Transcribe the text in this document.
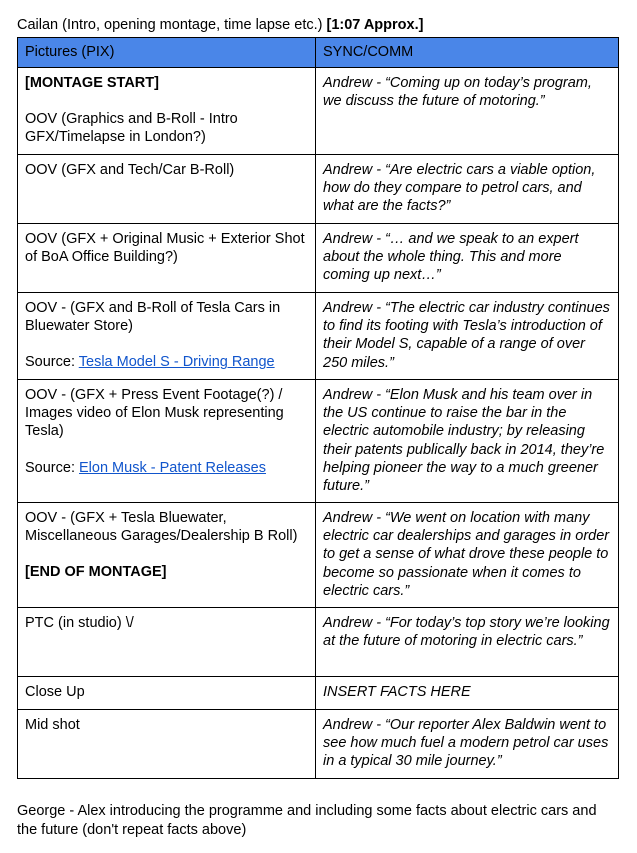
Cailan (Intro, opening montage, time lapse etc.) [1:07 Approx.]
Pictures (PIX)	SYNC/COMM

[MONTAGE START]
OOV (Graphics and B-Roll - Intro GFX/Timelapse in London?)	Andrew - “Coming up on today’s program, we discuss the future of motoring.”
OOV (GFX and Tech/Car B-Roll)	Andrew - “Are electric cars a viable option, how do they compare to petrol cars, and what are the facts?”
OOV (GFX + Original Music + Exterior Shot of BoA Office Building?)	Andrew - “… and we speak to an expert about the whole thing. This and more coming up next…”

OOV - (GFX and B-Roll of Tesla Cars in Bluewater Store)
Source: Tesla Model S - Driving Range	Andrew - “The electric car industry continues to find its footing with Tesla’s introduction of their Model S, capable of a range of over 250 miles.”

OOV - (GFX + Press Event Footage(?) / Images video of Elon Musk representing Tesla)
Source: Elon Musk - Patent Releases	Andrew - “Elon Musk and his team over in the US continue to raise the bar in the electric automobile industry; by releasing their patents publically back in 2014, they’re helping pioneer the way to a much greener future.”

OOV - (GFX + Tesla Bluewater, Miscellaneous Garages/Dealership B Roll)
[END OF MONTAGE]	Andrew - “We went on location with many electric car dealerships and garages in order to get a sense of what drove these people to become so passionate when it comes to electric cars.”
PTC (in studio) \/	Andrew - “For today’s top story we’re looking at the future of motoring in electric cars.”
Close Up	INSERT FACTS HERE
Mid shot	Andrew - “Our reporter Alex Baldwin went to see how much fuel a modern petrol car uses in a typical 30 mile journey.”
George - Alex introducing the programme and including some facts about electric cars and the future (don't repeat facts above)
